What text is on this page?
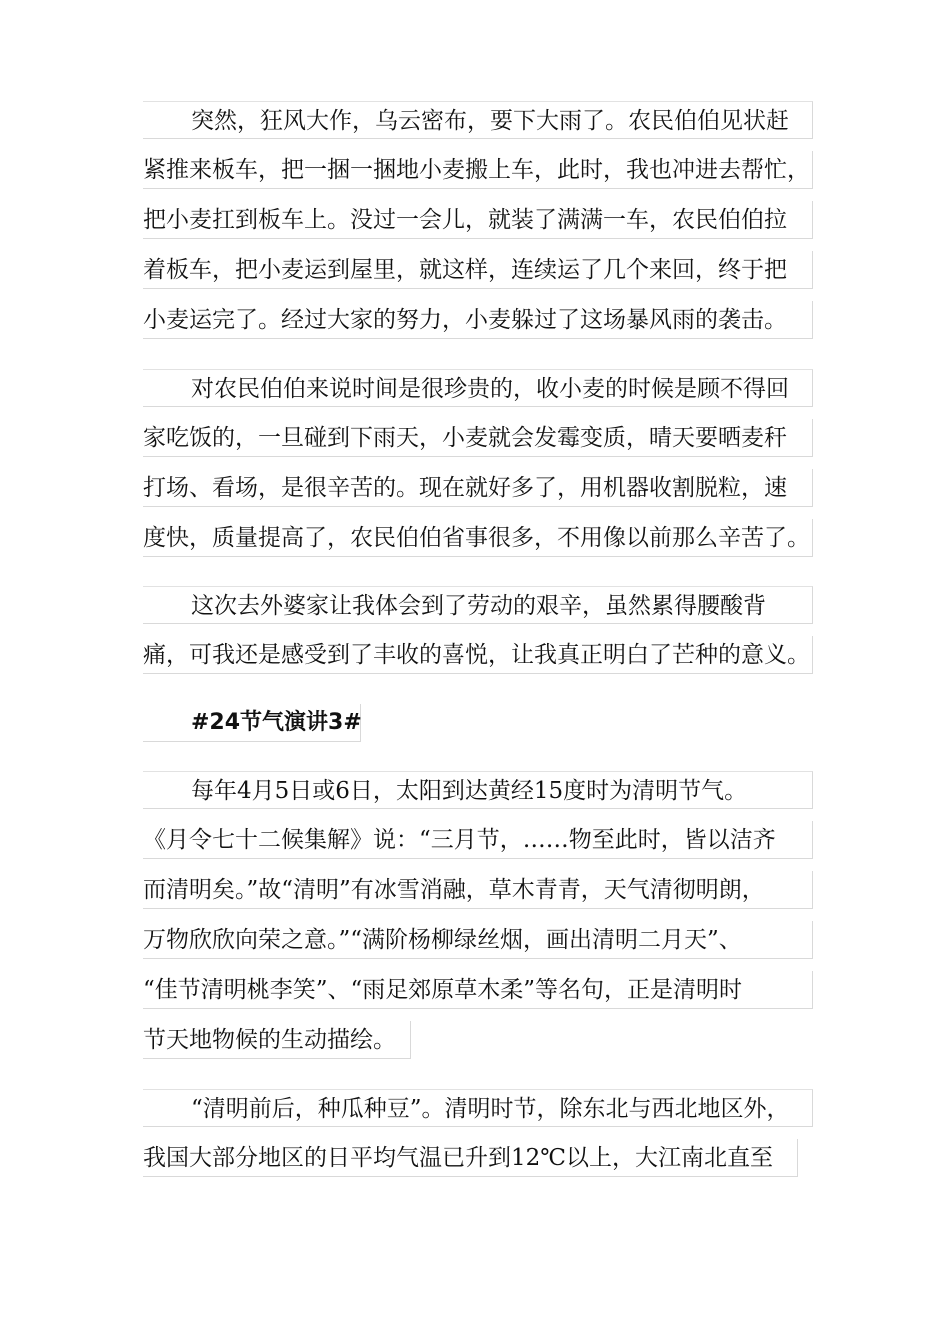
突然，狂风大作，乌云密布，要下大雨了。农民伯伯见状赶
紧推来板车，把一捆一捆地小麦搬上车，此时，我也冲进去帮忙，
把小麦扛到板车上。没过一会儿，就装了满满一车，农民伯伯拉
着板车，把小麦运到屋里，就这样，连续运了几个来回，终于把
小麦运完了。经过大家的努力，小麦躲过了这场暴风雨的袭击。
对农民伯伯来说时间是很珍贵的，收小麦的时候是顾不得回
家吃饭的，一旦碰到下雨天，小麦就会发霉变质，晴天要晒麦秆
打场、看场，是很辛苦的。现在就好多了，用机器收割脱粒，速
度快，质量提高了，农民伯伯省事很多，不用像以前那么辛苦了。
这次去外婆家让我体会到了劳动的艰辛，虽然累得腰酸背
痛，可我还是感受到了丰收的喜悦，让我真正明白了芒种的意义。
#24节气演讲3#
每年4月5日或6日，太阳到达黄经15度时为清明节气。
《月令七十二候集解》说：“三月节，……物至此时，皆以洁齐
而清明矣。”故“清明”有冰雪消融，草木青青，天气清彻明朗，
万物欣欣向荣之意。”“满阶杨柳绿丝烟，画出清明二月天”、
“佳节清明桃李笑”、“雨足郊原草木柔”等名句，正是清明时
节天地物候的生动描绘。
“清明前后，种瓜种豆”。清明时节，除东北与西北地区外，
我国大部分地区的日平均气温已升到12℃以上，大江南北直至
